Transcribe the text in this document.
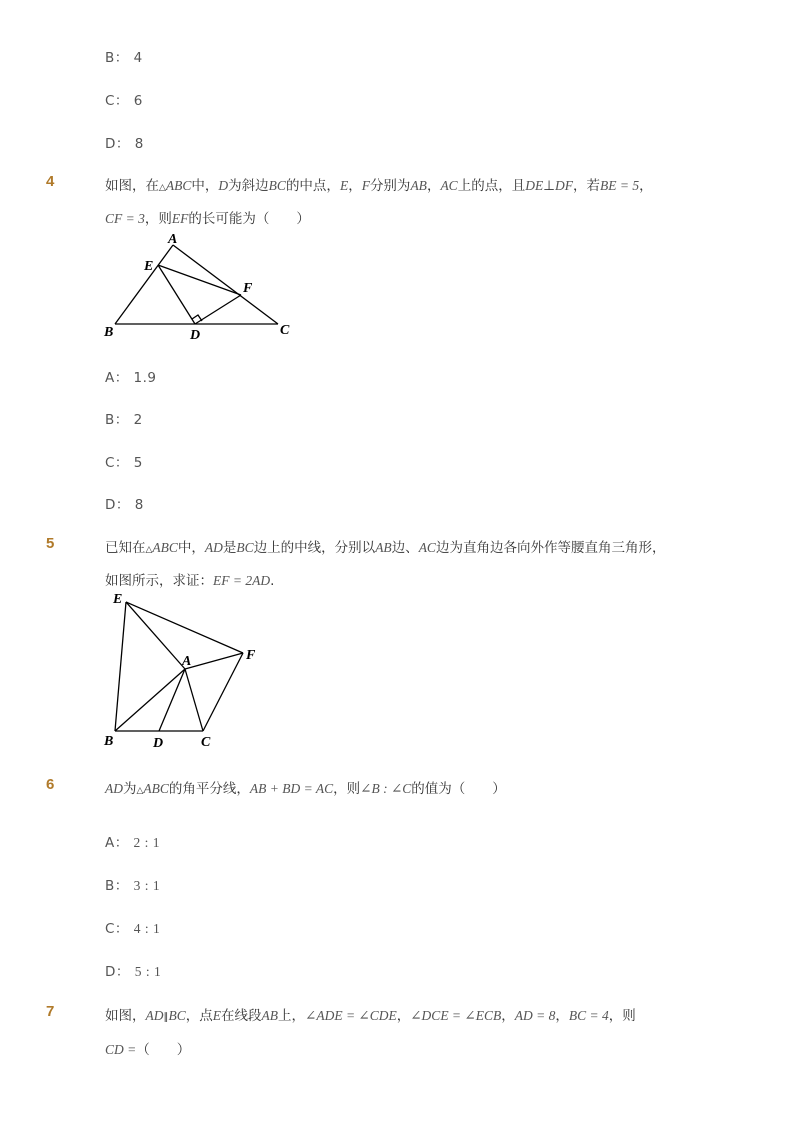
B： 4
C： 6
D： 8
4	如图，在△ABC中，D为斜边BC的中点，E，F分别为AB，AC上的点，且DE⊥DF，若BE = 5，
CF = 3，则EF的长可能为（　　）
A
E
F
B	D	C
A： 1.9
B： 2
C： 5
D： 8
5	已知在△ABC中，AD是BC边上的中线，分别以AB边、AC边为直角边各向外作等腰直角三角形，
如图所示，求证：EF = 2AD.
E
A	F
B	D	C
6	AD为△ABC的角平分线，AB + BD = AC，则∠B : ∠C的值为（　　）
A： 2 : 1
B： 3 : 1
C： 4 : 1
D： 5 : 1
7	如图，AD∥BC，点E在线段AB上，∠ADE = ∠CDE，∠DCE = ∠ECB，AD = 8，BC = 4，则
CD =（　　）
